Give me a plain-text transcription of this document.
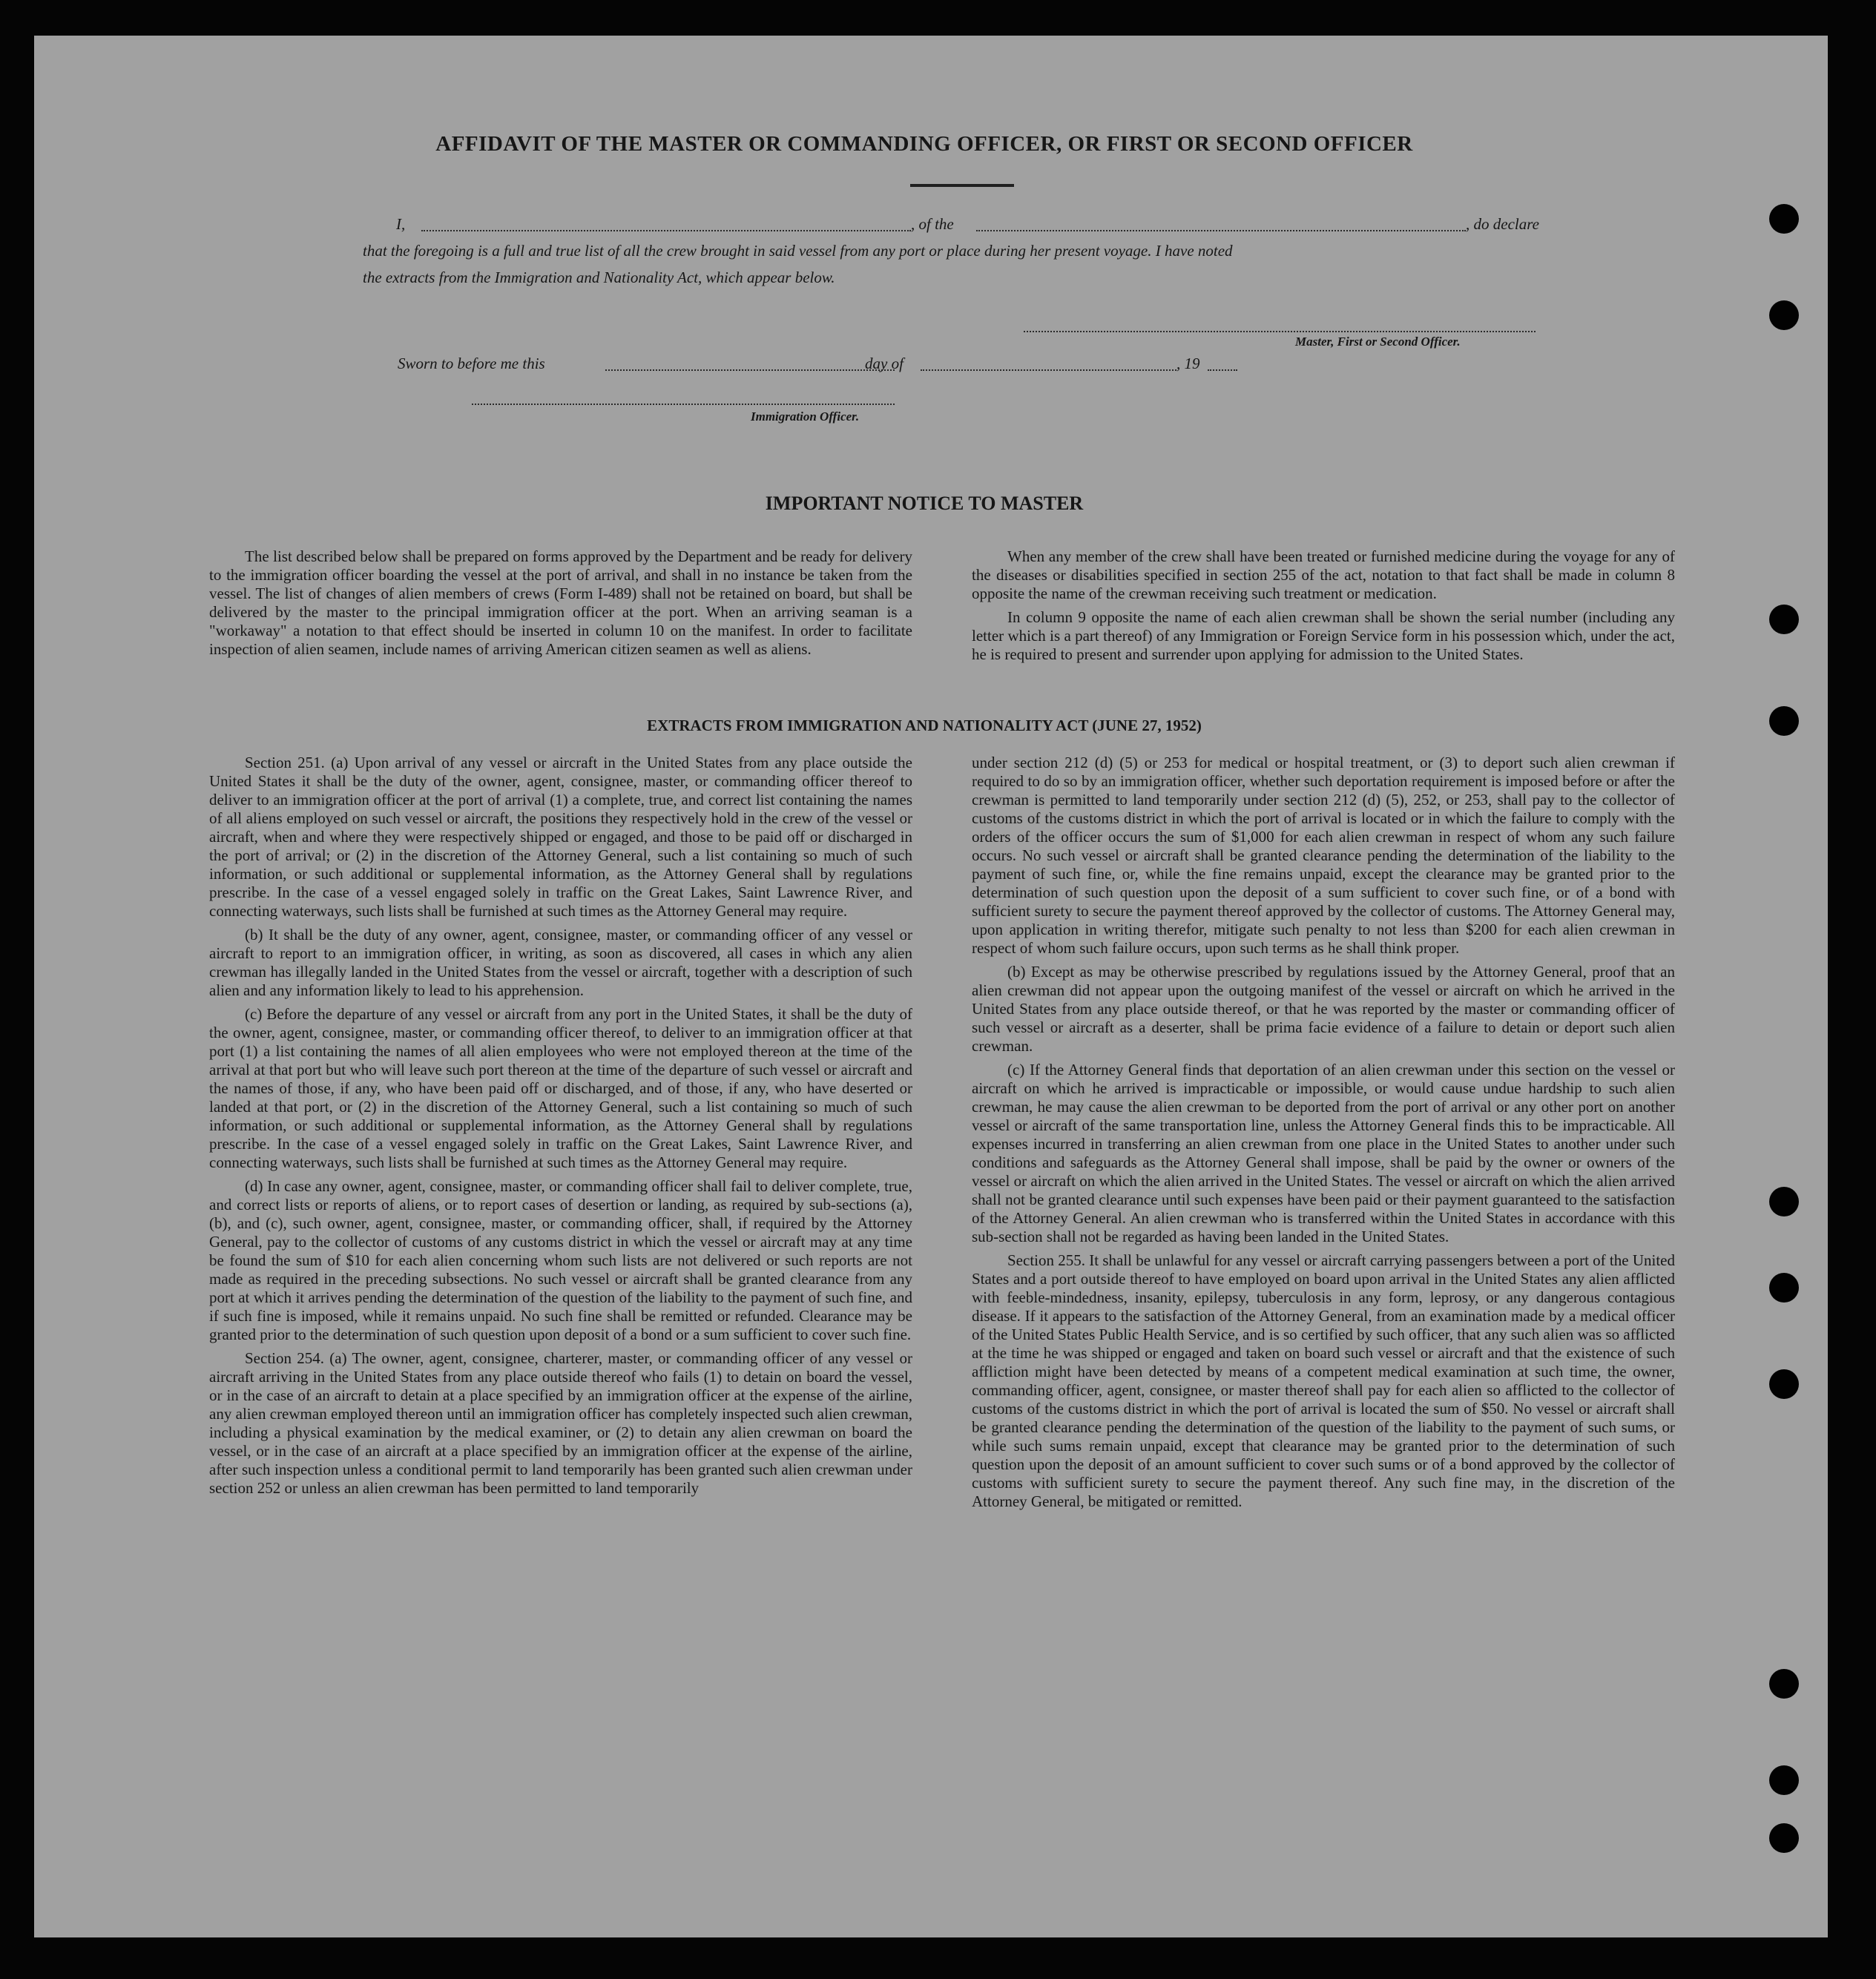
AFFIDAVIT OF THE MASTER OR COMMANDING OFFICER, OR FIRST OR SECOND OFFICER
I,	, of the	, do declare
that the foregoing is a full and true list of all the crew brought in said vessel from any port or place during her present voyage. I have noted
the extracts from the Immigration and Nationality Act, which appear below.
Master, First or Second Officer.
Sworn to before me this	day of	, 19
Immigration Officer.
IMPORTANT NOTICE TO MASTER

The list described below shall be prepared on forms approved by the Department and be ready for delivery to the immigration officer boarding the vessel at the port of arrival, and shall in no instance be taken from the vessel. The list of changes of alien members of crews (Form I-489) shall not be retained on board, but shall be delivered by the master to the principal immigration officer at the port. When an arriving seaman is a "workaway" a notation to that effect should be inserted in column 10 on the manifest. In order to facilitate inspection of alien seamen, include names of arriving American citizen seamen as well as aliens.

When any member of the crew shall have been treated or furnished medicine during the voyage for any of the diseases or disabilities specified in section 255 of the act, notation to that fact shall be made in column 8 opposite the name of the crewman receiving such treatment or medication.

In column 9 opposite the name of each alien crewman shall be shown the serial number (including any letter which is a part thereof) of any Immigration or Foreign Service form in his possession which, under the act, he is required to present and surrender upon applying for admission to the United States.

EXTRACTS FROM IMMIGRATION AND NATIONALITY ACT (JUNE 27, 1952)

Section 251. (a) Upon arrival of any vessel or aircraft in the United States from any place outside the United States it shall be the duty of the owner, agent, consignee, master, or commanding officer thereof to deliver to an immigration officer at the port of arrival (1) a complete, true, and correct list containing the names of all aliens employed on such vessel or aircraft, the positions they respectively hold in the crew of the vessel or aircraft, when and where they were respectively shipped or engaged, and those to be paid off or discharged in the port of arrival; or (2) in the discretion of the Attorney General, such a list containing so much of such information, or such additional or supplemental information, as the Attorney General shall by regulations prescribe. In the case of a vessel engaged solely in traffic on the Great Lakes, Saint Lawrence River, and connecting waterways, such lists shall be furnished at such times as the Attorney General may require.

(b) It shall be the duty of any owner, agent, consignee, master, or commanding officer of any vessel or aircraft to report to an immigration officer, in writing, as soon as discovered, all cases in which any alien crewman has illegally landed in the United States from the vessel or aircraft, together with a description of such alien and any information likely to lead to his apprehension.

(c) Before the departure of any vessel or aircraft from any port in the United States, it shall be the duty of the owner, agent, consignee, master, or commanding officer thereof, to deliver to an immigration officer at that port (1) a list containing the names of all alien employees who were not employed thereon at the time of the arrival at that port but who will leave such port thereon at the time of the departure of such vessel or aircraft and the names of those, if any, who have been paid off or discharged, and of those, if any, who have deserted or landed at that port, or (2) in the discretion of the Attorney General, such a list containing so much of such information, or such additional or supplemental information, as the Attorney General shall by regulations prescribe. In the case of a vessel engaged solely in traffic on the Great Lakes, Saint Lawrence River, and connecting waterways, such lists shall be furnished at such times as the Attorney General may require.

(d) In case any owner, agent, consignee, master, or commanding officer shall fail to deliver complete, true, and correct lists or reports of aliens, or to report cases of desertion or landing, as required by sub-sections (a), (b), and (c), such owner, agent, consignee, master, or commanding officer, shall, if required by the Attorney General, pay to the collector of customs of any customs district in which the vessel or aircraft may at any time be found the sum of $10 for each alien concerning whom such lists are not delivered or such reports are not made as required in the preceding subsections. No such vessel or aircraft shall be granted clearance from any port at which it arrives pending the determination of the question of the liability to the payment of such fine, and if such fine is imposed, while it remains unpaid. No such fine shall be remitted or refunded. Clearance may be granted prior to the determination of such question upon deposit of a bond or a sum sufficient to cover such fine.

Section 254. (a) The owner, agent, consignee, charterer, master, or commanding officer of any vessel or aircraft arriving in the United States from any place outside thereof who fails (1) to detain on board the vessel, or in the case of an aircraft to detain at a place specified by an immigration officer at the expense of the airline, any alien crewman employed thereon until an immigration officer has completely inspected such alien crewman, including a physical examination by the medical examiner, or (2) to detain any alien crewman on board the vessel, or in the case of an aircraft at a place specified by an immigration officer at the expense of the airline, after such inspection unless a conditional permit to land temporarily has been granted such alien crewman under section 252 or unless an alien crewman has been permitted to land temporarily

under section 212 (d) (5) or 253 for medical or hospital treatment, or (3) to deport such alien crewman if required to do so by an immigration officer, whether such deportation requirement is imposed before or after the crewman is permitted to land temporarily under section 212 (d) (5), 252, or 253, shall pay to the collector of customs of the customs district in which the port of arrival is located or in which the failure to comply with the orders of the officer occurs the sum of $1,000 for each alien crewman in respect of whom any such failure occurs. No such vessel or aircraft shall be granted clearance pending the determination of the liability to the payment of such fine, or, while the fine remains unpaid, except the clearance may be granted prior to the determination of such question upon the deposit of a sum sufficient to cover such fine, or of a bond with sufficient surety to secure the payment thereof approved by the collector of customs. The Attorney General may, upon application in writing therefor, mitigate such penalty to not less than $200 for each alien crewman in respect of whom such failure occurs, upon such terms as he shall think proper.

(b) Except as may be otherwise prescribed by regulations issued by the Attorney General, proof that an alien crewman did not appear upon the outgoing manifest of the vessel or aircraft on which he arrived in the United States from any place outside thereof, or that he was reported by the master or commanding officer of such vessel or aircraft as a deserter, shall be prima facie evidence of a failure to detain or deport such alien crewman.

(c) If the Attorney General finds that deportation of an alien crewman under this section on the vessel or aircraft on which he arrived is impracticable or impossible, or would cause undue hardship to such alien crewman, he may cause the alien crewman to be deported from the port of arrival or any other port on another vessel or aircraft of the same transportation line, unless the Attorney General finds this to be impracticable. All expenses incurred in transferring an alien crewman from one place in the United States to another under such conditions and safeguards as the Attorney General shall impose, shall be paid by the owner or owners of the vessel or aircraft on which the alien arrived in the United States. The vessel or aircraft on which the alien arrived shall not be granted clearance until such expenses have been paid or their payment guaranteed to the satisfaction of the Attorney General. An alien crewman who is transferred within the United States in accordance with this sub-section shall not be regarded as having been landed in the United States.

Section 255. It shall be unlawful for any vessel or aircraft carrying passengers between a port of the United States and a port outside thereof to have employed on board upon arrival in the United States any alien afflicted with feeble-mindedness, insanity, epilepsy, tuberculosis in any form, leprosy, or any dangerous contagious disease. If it appears to the satisfaction of the Attorney General, from an examination made by a medical officer of the United States Public Health Service, and is so certified by such officer, that any such alien was so afflicted at the time he was shipped or engaged and taken on board such vessel or aircraft and that the existence of such affliction might have been detected by means of a competent medical examination at such time, the owner, commanding officer, agent, consignee, or master thereof shall pay for each alien so afflicted to the collector of customs of the customs district in which the port of arrival is located the sum of $50. No vessel or aircraft shall be granted clearance pending the determination of the question of the liability to the payment of such sums, or while such sums remain unpaid, except that clearance may be granted prior to the determination of such question upon the deposit of an amount sufficient to cover such sums or of a bond approved by the collector of customs with sufficient surety to secure the payment thereof. Any such fine may, in the discretion of the Attorney General, be mitigated or remitted.
